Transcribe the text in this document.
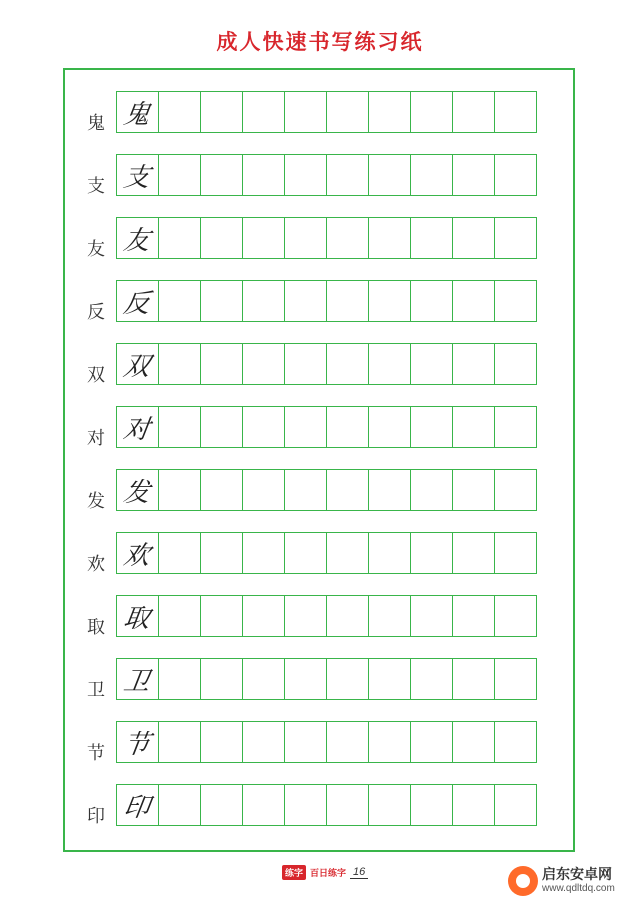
成人快速书写练习纸
鬼 鬼
支 支
友 友
反 反
双 双
对 对
发 发
欢 欢
取 取
卫 卫
节 节
印 印
练字 百日练字 16	启东安卓网
www.qdltdq.com
